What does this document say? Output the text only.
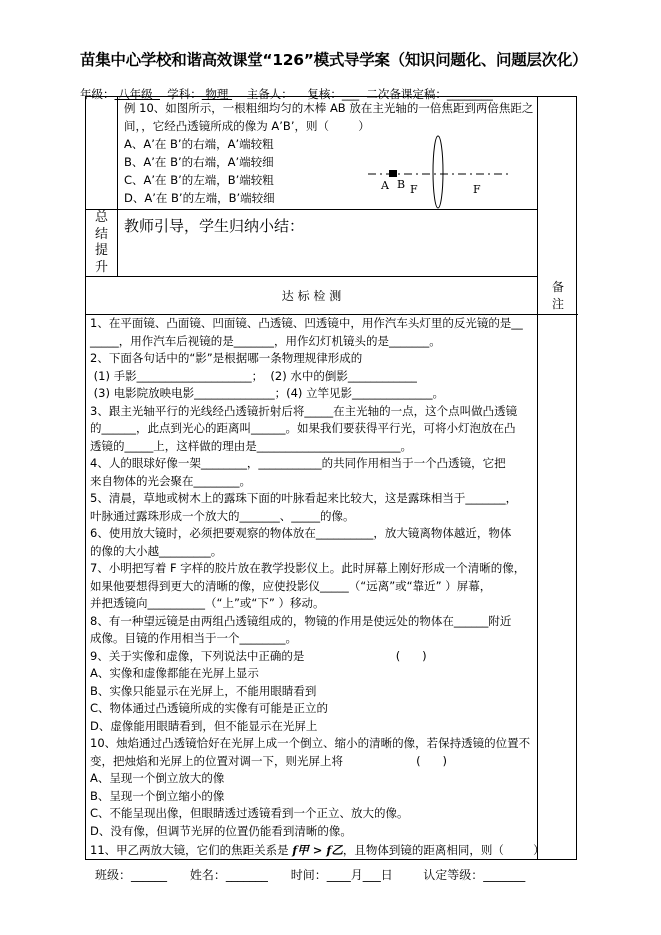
苗集中心学校和谐高效课堂“126”模式导学案（知识问题化、问题层次化）
年级： 八年级    学科： 物理     主备人： 复核：___ 二次备课定稿：________
例 10、如图所示，一根粗细均匀的木棒 AB 放在主光轴的一倍焦距到两倍焦距之
间，，它经凸透镜所成的像为 A’B’，则（        ）
A、A’在 B’的右端，A’端较粗
B、A’在 B’的右端，A’端较细
C、A’在 B’的左端，B’端较粗
D、A’在 B’的左端，B’端较细
A B F	F
总
结
提
升
教师引导，学生归纳小结：
达 标 检 测
备
注
1、在平面镜、凸面镜、凹面镜、凸透镜、凹透镜中，用作汽车头灯里的反光镜的是__
_____，用作汽车后视镜的是_______，用作幻灯机镜头的是_______。
2、下面各句话中的“影”是根据哪一条物理规律形成的
(1) 手影____________________；  (2) 水中的倒影____________
(3) 电影院放映电影______________；(4) 立竿见影______________。
3、跟主光轴平行的光线经凸透镜折射后将_____在主光轴的一点，这个点叫做凸透镜
的______，此点到光心的距离叫______。如果我们要获得平行光，可将小灯泡放在凸
透镜的_____上，这样做的理由是_________________________。
4、人的眼球好像一架________，___________的共同作用相当于一个凸透镜，它把
来自物体的光会聚在________。
5、清晨，草地或树木上的露珠下面的叶脉看起来比较大，这是露珠相当于_______，
叶脉通过露珠形成一个放大的_______、_____的像。
6、使用放大镜时，必须把要观察的物体放在__________，放大镜离物体越近，物体
的像的大小越_________。
7、小明把写着 F 字样的胶片放在教学投影仪上。此时屏幕上刚好形成一个清晰的像，
如果他要想得到更大的清晰的像，应使投影仪_____（“远离”或“靠近” ）屏幕，
并把透镜向__________（“上”或“下” ）移动。
8、有一种望远镜是由两组凸透镜组成的，物镜的作用是使远处的物体在______附近
成像。目镜的作用相当于一个________。
9、关于实像和虚像，下列说法中正确的是                         (      )
A、实像和虚像都能在光屏上显示
B、实像只能显示在光屏上，不能用眼睛看到
C、物体通过凸透镜所成的实像有可能是正立的
D、虚像能用眼睛看到，但不能显示在光屏上
10、烛焰通过凸透镜恰好在光屏上成一个倒立、缩小的清晰的像，若保持透镜的位置不
变，把烛焰和光屏上的位置对调一下，则光屏上将                    (      )
A、呈现一个倒立放大的像
B、呈现一个倒立缩小的像
C、不能呈现出像，但眼睛透过透镜看到一个正立、放大的像。
D、没有像，但调节光屏的位置仍能看到清晰的像。
11、甲乙两放大镜，它们的焦距关系是 f甲 > f乙，且物体到镜的距离相同，则（        ）
班级：______      姓名：_______      时间：____月___日        认定等级：_______
